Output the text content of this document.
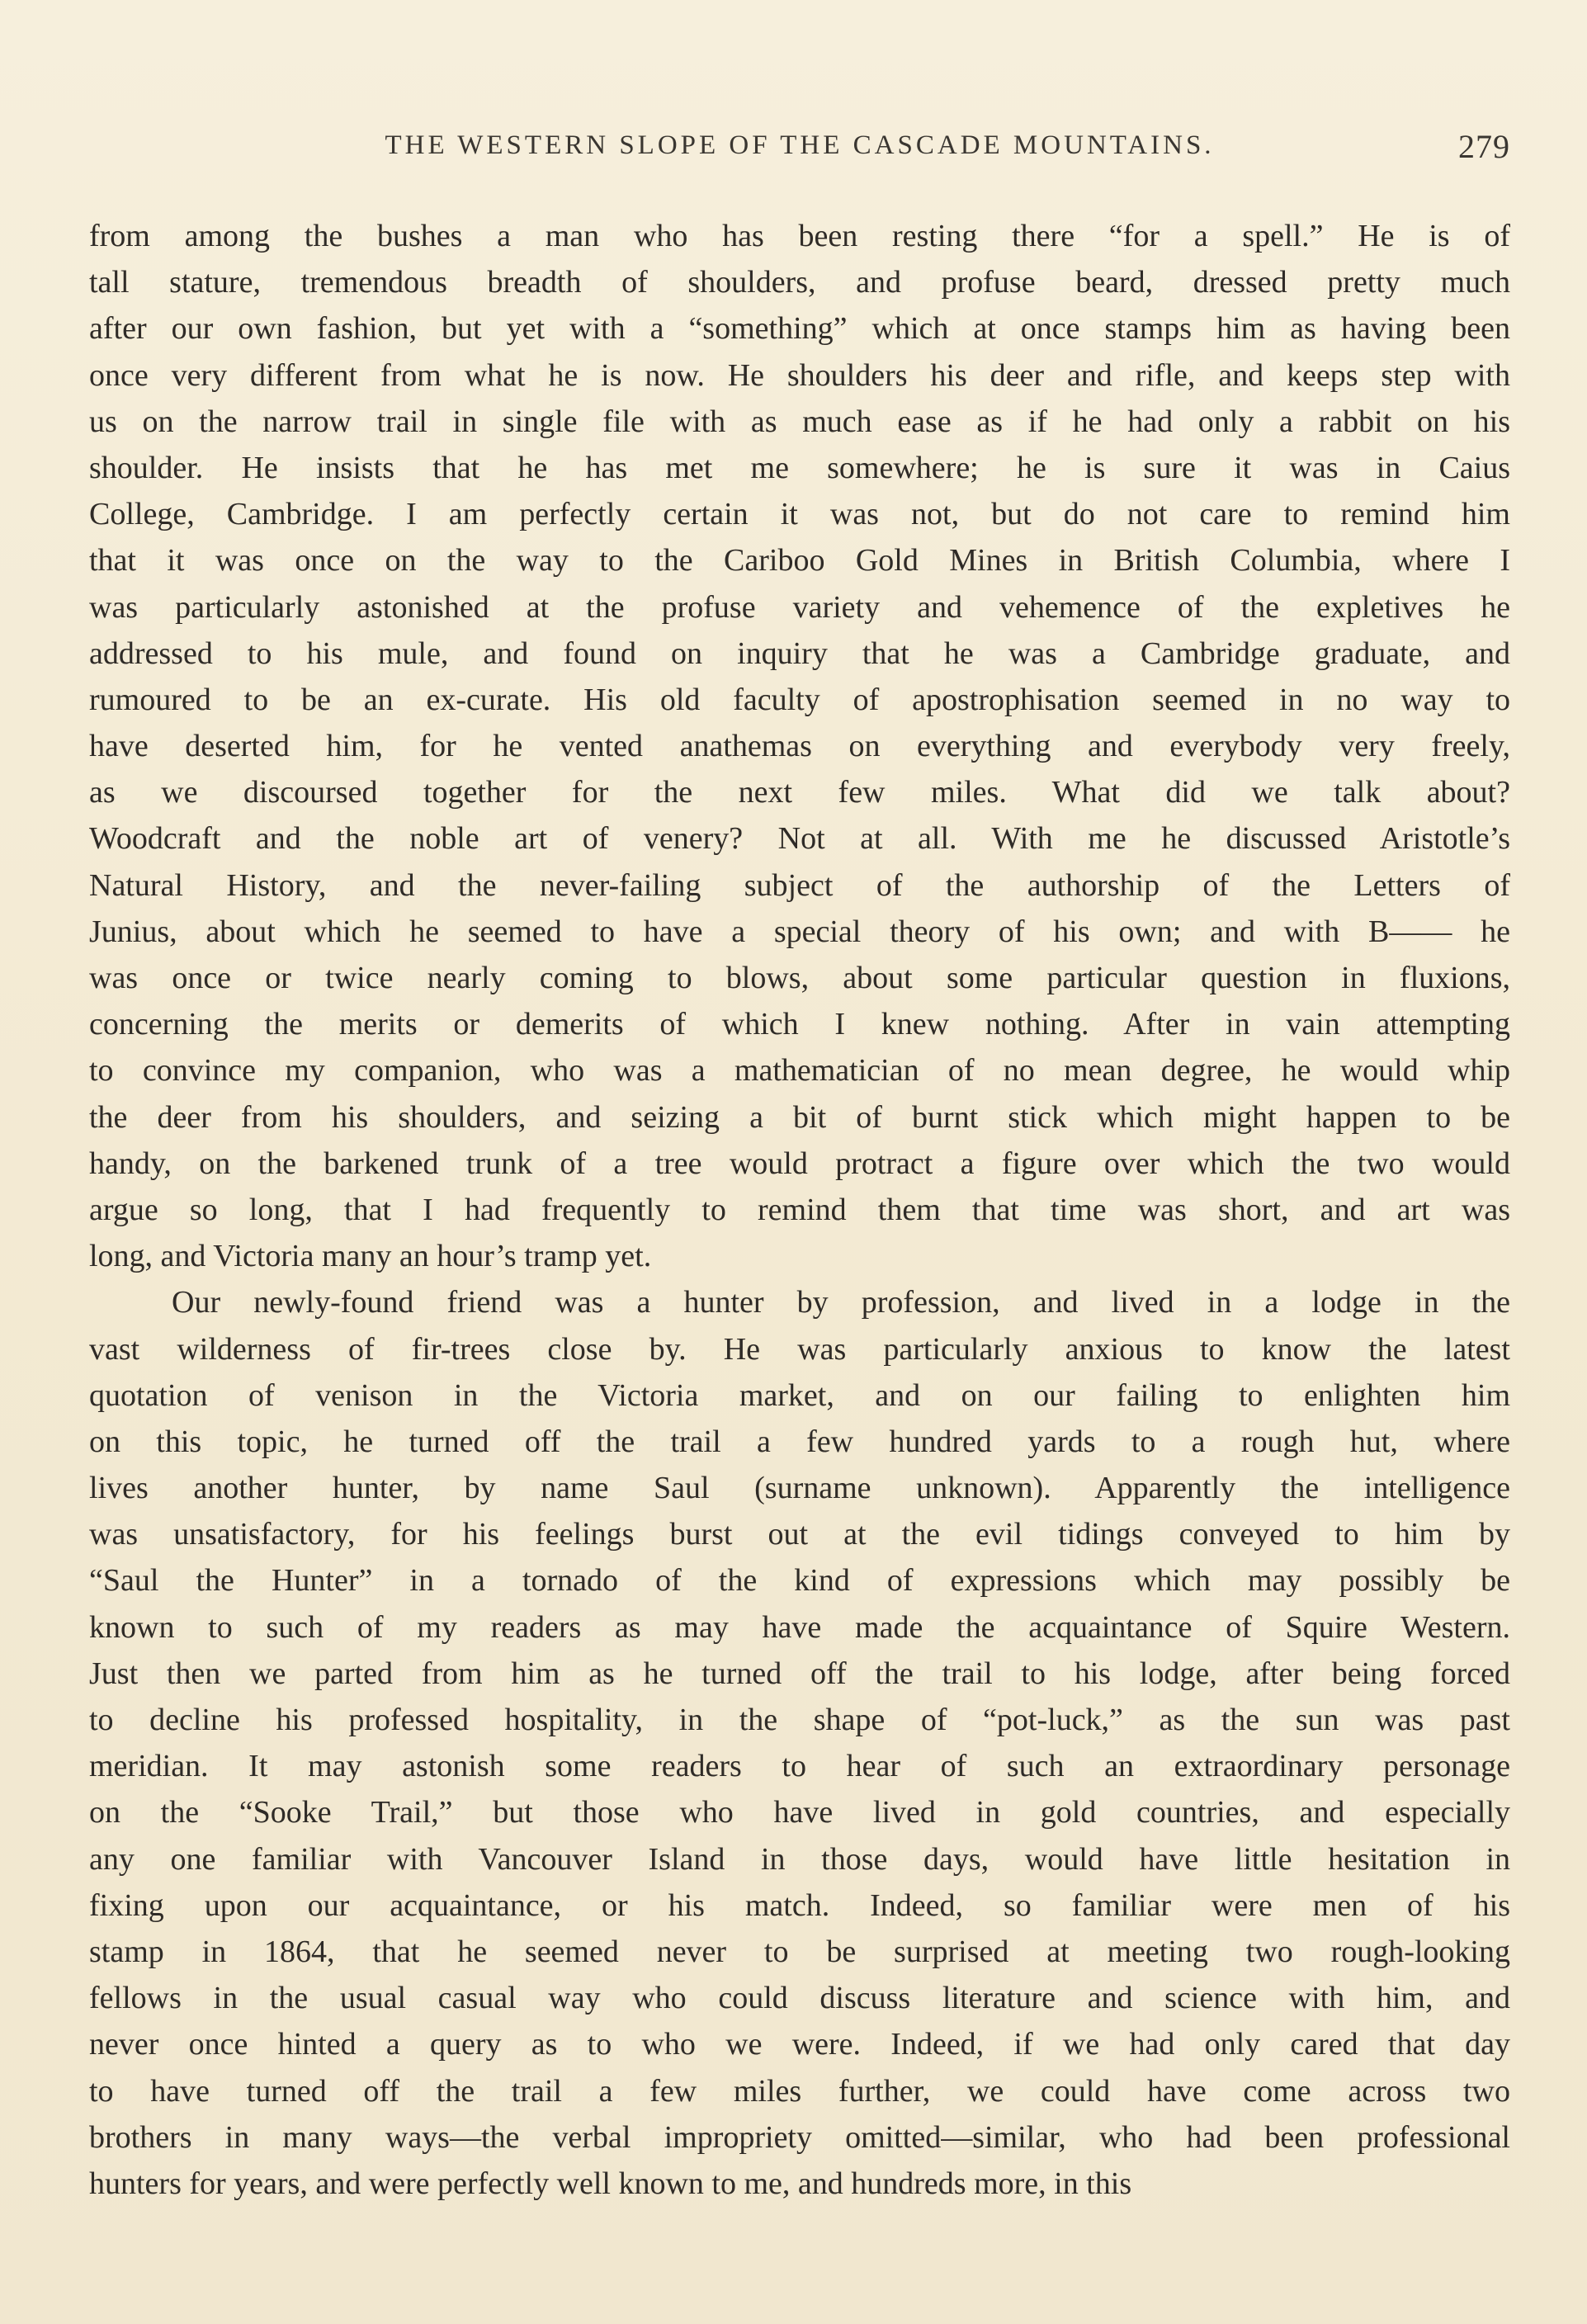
THE WESTERN SLOPE OF THE CASCADE MOUNTAINS.	279
from among the bushes a man who has been resting there “for a spell.” He is of
tall stature, tremendous breadth of shoulders, and profuse beard, dressed pretty much
after our own fashion, but yet with a “something” which at once stamps him as having been
once very different from what he is now. He shoulders his deer and rifle, and keeps step with
us on the narrow trail in single file with as much ease as if he had only a rabbit on his
shoulder. He insists that he has met me somewhere; he is sure it was in Caius
College, Cambridge. I am perfectly certain it was not, but do not care to remind him
that it was once on the way to the Cariboo Gold Mines in British Columbia, where I
was particularly astonished at the profuse variety and vehemence of the expletives he
addressed to his mule, and found on inquiry that he was a Cambridge graduate, and
rumoured to be an ex-curate. His old faculty of apostrophisation seemed in no way to
have deserted him, for he vented anathemas on everything and everybody very freely,
as we discoursed together for the next few miles. What did we talk about?
Woodcraft and the noble art of venery? Not at all. With me he discussed Aristotle’s
Natural History, and the never-failing subject of the authorship of the Letters of
Junius, about which he seemed to have a special theory of his own; and with B—— he
was once or twice nearly coming to blows, about some particular question in fluxions,
concerning the merits or demerits of which I knew nothing. After in vain attempting
to convince my companion, who was a mathematician of no mean degree, he would whip
the deer from his shoulders, and seizing a bit of burnt stick which might happen to be
handy, on the barkened trunk of a tree would protract a figure over which the two would
argue so long, that I had frequently to remind them that time was short, and art was
long, and Victoria many an hour’s tramp yet.
Our newly-found friend was a hunter by profession, and lived in a lodge in the
vast wilderness of fir-trees close by. He was particularly anxious to know the latest
quotation of venison in the Victoria market, and on our failing to enlighten him
on this topic, he turned off the trail a few hundred yards to a rough hut, where
lives another hunter, by name Saul (surname unknown). Apparently the intelligence
was unsatisfactory, for his feelings burst out at the evil tidings conveyed to him by
“Saul the Hunter” in a tornado of the kind of expressions which may possibly be
known to such of my readers as may have made the acquaintance of Squire Western.
Just then we parted from him as he turned off the trail to his lodge, after being forced
to decline his professed hospitality, in the shape of “pot-luck,” as the sun was past
meridian. It may astonish some readers to hear of such an extraordinary personage
on the “Sooke Trail,” but those who have lived in gold countries, and especially
any one familiar with Vancouver Island in those days, would have little hesitation in
fixing upon our acquaintance, or his match. Indeed, so familiar were men of his
stamp in 1864, that he seemed never to be surprised at meeting two rough-looking
fellows in the usual casual way who could discuss literature and science with him, and
never once hinted a query as to who we were. Indeed, if we had only cared that day
to have turned off the trail a few miles further, we could have come across two
brothers in many ways—the verbal impropriety omitted—similar, who had been professional
hunters for years, and were perfectly well known to me, and hundreds more, in this
